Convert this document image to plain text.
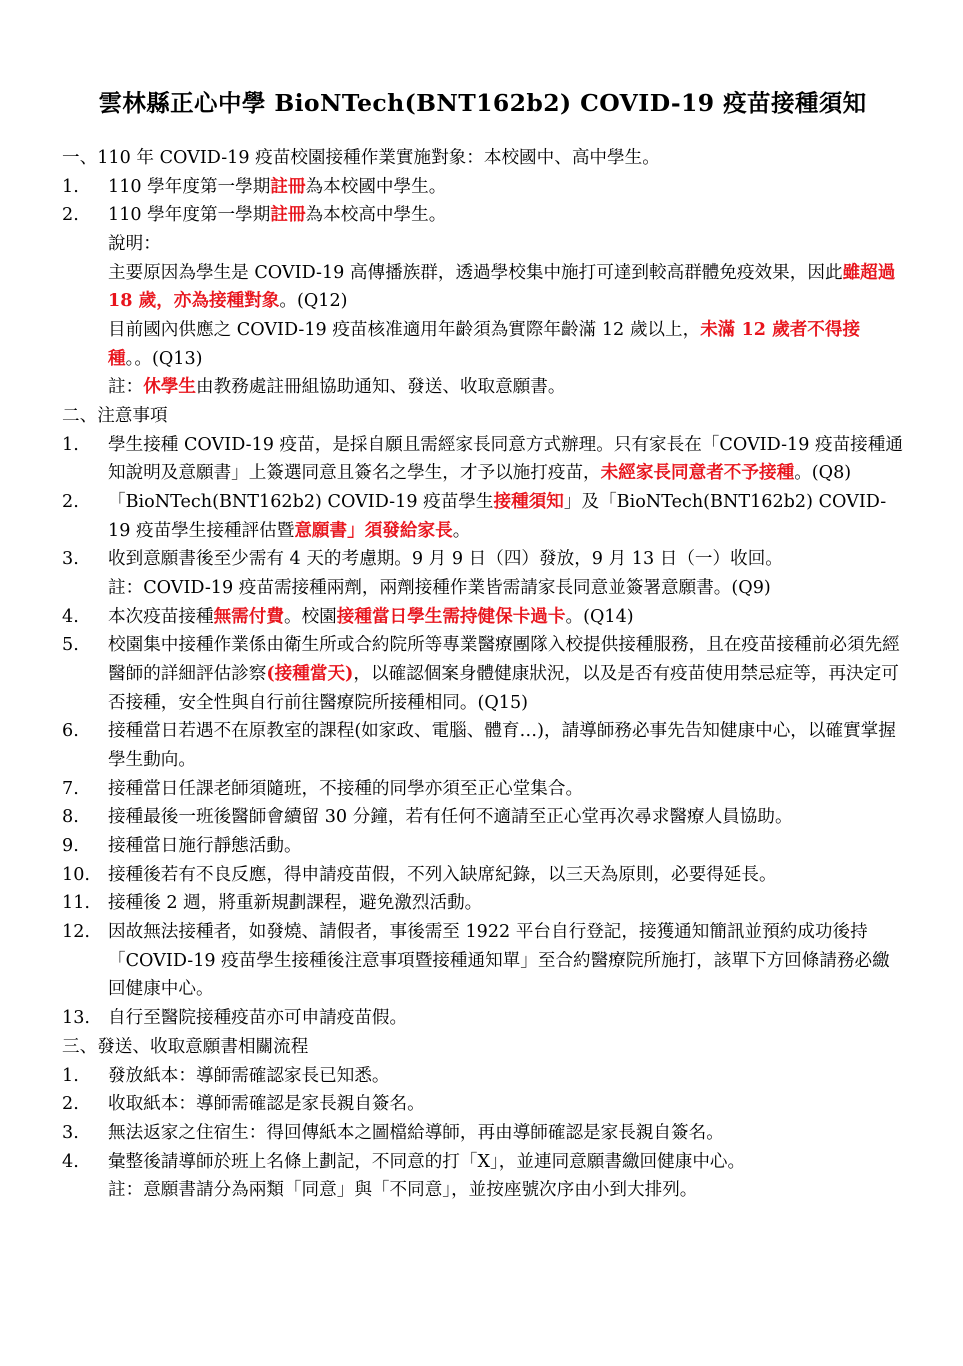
雲林縣正心中學 BioNTech(BNT162b2) COVID-19 疫苗接種須知
一、110 年 COVID-19 疫苗校園接種作業實施對象：本校國中、高中學生。
1.	110 學年度第一學期註冊為本校國中學生。
2.	110 學年度第一學期註冊為本校高中學生。
說明：
主要原因為學生是 COVID-19 高傳播族群，透過學校集中施打可達到較高群體免疫效果，因此雖超過 18 歲，亦為接種對象。(Q12)
目前國內供應之 COVID-19 疫苗核准適用年齡須為實際年齡滿 12 歲以上，未滿 12 歲者不得接種。。(Q13)
註：休學生由教務處註冊組協助通知、發送、收取意願書。
二、注意事項
1.	學生接種 COVID-19 疫苗，是採自願且需經家長同意方式辦理。只有家長在「COVID-19 疫苗接種通知說明及意願書」上簽選同意且簽名之學生，才予以施打疫苗，未經家長同意者不予接種。(Q8)
2.	「BioNTech(BNT162b2) COVID-19 疫苗學生接種須知」及「BioNTech(BNT162b2) COVID-19 疫苗學生接種評估暨意願書」須發給家長。
3.	收到意願書後至少需有 4 天的考慮期。9 月 9 日（四）發放，9 月 13 日（一）收回。
註：COVID-19 疫苗需接種兩劑，兩劑接種作業皆需請家長同意並簽署意願書。(Q9)
4.	本次疫苗接種無需付費。校園接種當日學生需持健保卡過卡。(Q14)
5.	校園集中接種作業係由衛生所或合約院所等專業醫療團隊入校提供接種服務，且在疫苗接種前必須先經醫師的詳細評估診察(接種當天)，以確認個案身體健康狀況，以及是否有疫苗使用禁忌症等，再決定可否接種，安全性與自行前往醫療院所接種相同。(Q15)
6.	接種當日若遇不在原教室的課程(如家政、電腦、體育…)，請導師務必事先告知健康中心，以確實掌握學生動向。
7.	接種當日任課老師須隨班，不接種的同學亦須至正心堂集合。
8.	接種最後一班後醫師會續留 30 分鐘，若有任何不適請至正心堂再次尋求醫療人員協助。
9.	接種當日施行靜態活動。
10.	接種後若有不良反應，得申請疫苗假，不列入缺席紀錄，以三天為原則，必要得延長。
11.	接種後 2 週，將重新規劃課程，避免激烈活動。
12.	因故無法接種者，如發燒、請假者，事後需至 1922 平台自行登記，接獲通知簡訊並預約成功後持「COVID-19 疫苗學生接種後注意事項暨接種通知單」至合約醫療院所施打，該單下方回條請務必繳回健康中心。
13.	自行至醫院接種疫苗亦可申請疫苗假。
三、發送、收取意願書相關流程
1.	發放紙本：導師需確認家長已知悉。
2.	收取紙本：導師需確認是家長親自簽名。
3.	無法返家之住宿生：得回傳紙本之圖檔給導師，再由導師確認是家長親自簽名。
4.	彙整後請導師於班上名條上劃記，不同意的打「X」，並連同意願書繳回健康中心。
註：意願書請分為兩類「同意」與「不同意」，並按座號次序由小到大排列。
